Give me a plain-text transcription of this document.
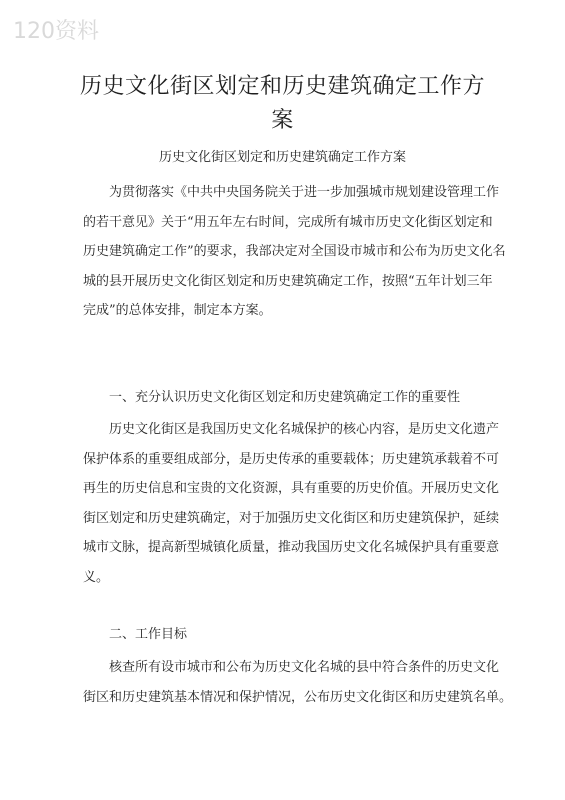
120资料
历史文化街区划定和历史建筑确定工作方
案
历史文化街区划定和历史建筑确定工作方案
为贯彻落实《中共中央国务院关于进一步加强城市规划建设管理工作
的若干意见》关于“用五年左右时间，完成所有城市历史文化街区划定和
历史建筑确定工作”的要求，我部决定对全国设市城市和公布为历史文化名
城的县开展历史文化街区划定和历史建筑确定工作，按照“五年计划三年
完成”的总体安排，制定本方案。
一、充分认识历史文化街区划定和历史建筑确定工作的重要性
历史文化街区是我国历史文化名城保护的核心内容，是历史文化遗产
保护体系的重要组成部分，是历史传承的重要载体；历史建筑承载着不可
再生的历史信息和宝贵的文化资源，具有重要的历史价值。开展历史文化
街区划定和历史建筑确定，对于加强历史文化街区和历史建筑保护，延续
城市文脉，提高新型城镇化质量，推动我国历史文化名城保护具有重要意
义。
二、工作目标
核查所有设市城市和公布为历史文化名城的县中符合条件的历史文化
街区和历史建筑基本情况和保护情况，公布历史文化街区和历史建筑名单。
